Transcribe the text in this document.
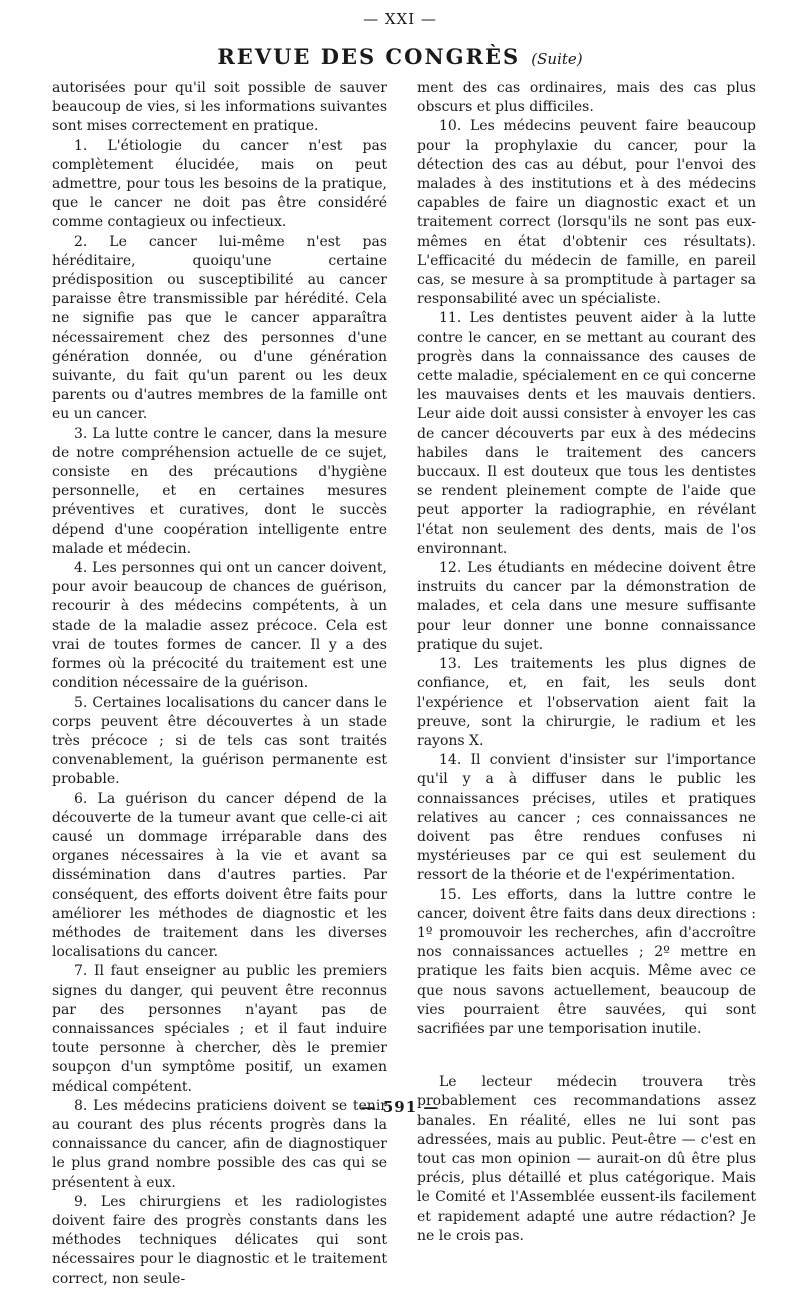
— XXI —
REVUE DES CONGRÈS (Suite)

autorisées pour qu'il soit possible de sauver beaucoup de vies, si les informations suivantes sont mises correctement en pratique.

1. L'étiologie du cancer n'est pas complètement élucidée, mais on peut admettre, pour tous les besoins de la pratique, que le cancer ne doit pas être considéré comme contagieux ou infectieux.

2. Le cancer lui-même n'est pas héréditaire, quoiqu'une certaine prédisposition ou susceptibilité au cancer paraisse être transmissible par hérédité. Cela ne signifie pas que le cancer apparaîtra nécessairement chez des personnes d'une génération donnée, ou d'une génération suivante, du fait qu'un parent ou les deux parents ou d'autres membres de la famille ont eu un cancer.

3. La lutte contre le cancer, dans la mesure de notre compréhension actuelle de ce sujet, consiste en des précautions d'hygiène personnelle, et en certaines mesures préventives et curatives, dont le succès dépend d'une coopération intelligente entre malade et médecin.

4. Les personnes qui ont un cancer doivent, pour avoir beaucoup de chances de guérison, recourir à des médecins compétents, à un stade de la maladie assez précoce. Cela est vrai de toutes formes de cancer. Il y a des formes où la précocité du traitement est une condition nécessaire de la guérison.

5. Certaines localisations du cancer dans le corps peuvent être découvertes à un stade très précoce ; si de tels cas sont traités convenablement, la guérison permanente est probable.

6. La guérison du cancer dépend de la découverte de la tumeur avant que celle-ci ait causé un dommage irréparable dans des organes nécessaires à la vie et avant sa dissémination dans d'autres parties. Par conséquent, des efforts doivent être faits pour améliorer les méthodes de diagnostic et les méthodes de traitement dans les diverses localisations du cancer.

7. Il faut enseigner au public les premiers signes du danger, qui peuvent être reconnus par des personnes n'ayant pas de connaissances spéciales ; et il faut induire toute personne à chercher, dès le premier soupçon d'un symptôme positif, un examen médical compétent.

8. Les médecins praticiens doivent se tenir au courant des plus récents progrès dans la connaissance du cancer, afin de diagnostiquer le plus grand nombre possible des cas qui se présentent à eux.

9. Les chirurgiens et les radiologistes doivent faire des progrès constants dans les méthodes techniques délicates qui sont nécessaires pour le diagnostic et le traitement correct, non seule-

ment des cas ordinaires, mais des cas plus obscurs et plus difficiles.

10. Les médecins peuvent faire beaucoup pour la prophylaxie du cancer, pour la détection des cas au début, pour l'envoi des malades à des institutions et à des médecins capables de faire un diagnostic exact et un traitement correct (lorsqu'ils ne sont pas eux-mêmes en état d'obtenir ces résultats). L'efficacité du médecin de famille, en pareil cas, se mesure à sa promptitude à partager sa responsabilité avec un spécialiste.

11. Les dentistes peuvent aider à la lutte contre le cancer, en se mettant au courant des progrès dans la connaissance des causes de cette maladie, spécialement en ce qui concerne les mauvaises dents et les mauvais dentiers. Leur aide doit aussi consister à envoyer les cas de cancer découverts par eux à des médecins habiles dans le traitement des cancers buccaux. Il est douteux que tous les dentistes se rendent pleinement compte de l'aide que peut apporter la radiographie, en révélant l'état non seulement des dents, mais de l'os environnant.

12. Les étudiants en médecine doivent être instruits du cancer par la démonstration de malades, et cela dans une mesure suffisante pour leur donner une bonne connaissance pratique du sujet.

13. Les traitements les plus dignes de confiance, et, en fait, les seuls dont l'expérience et l'observation aient fait la preuve, sont la chirurgie, le radium et les rayons X.

14. Il convient d'insister sur l'importance qu'il y a à diffuser dans le public les connaissances précises, utiles et pratiques relatives au cancer ; ces connaissances ne doivent pas être rendues confuses ni mystérieuses par ce qui est seulement du ressort de la théorie et de l'expérimentation.

15. Les efforts, dans la luttre contre le cancer, doivent être faits dans deux directions : 1º promouvoir les recherches, afin d'accroître nos connaissances actuelles ; 2º mettre en pratique les faits bien acquis. Même avec ce que nous savons actuellement, beaucoup de vies pourraient être sauvées, qui sont sacrifiées par une temporisation inutile.

Le lecteur médecin trouvera très probablement ces recommandations assez banales. En réalité, elles ne lui sont pas adressées, mais au public. Peut-être — c'est en tout cas mon opinion — aurait-on dû être plus précis, plus détaillé et plus catégorique. Mais le Comité et l'Assemblée eussent-ils facilement et rapidement adapté une autre rédaction? Je ne le crois pas.

— 591 —
